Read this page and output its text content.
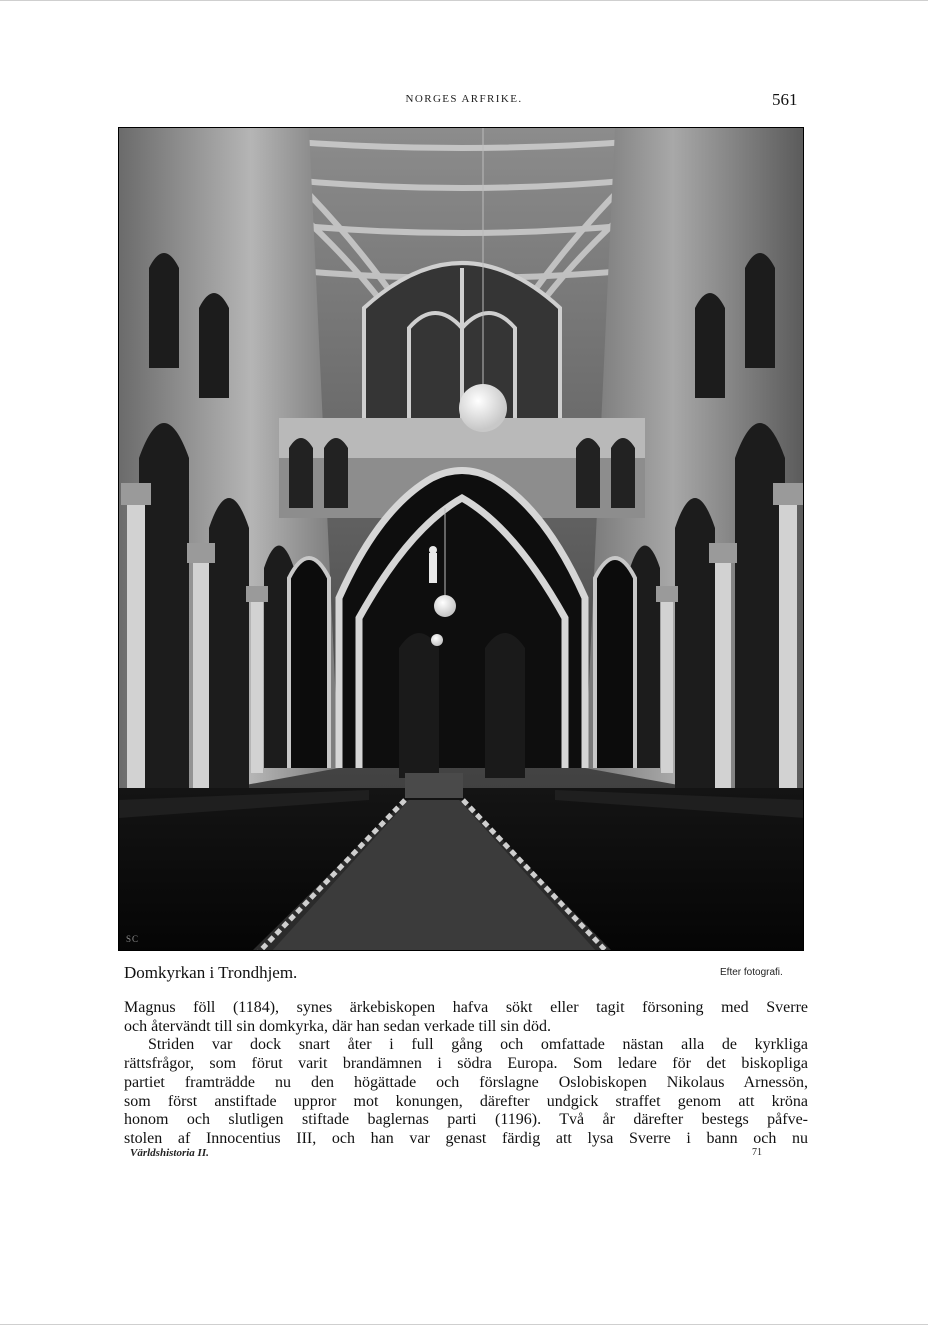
NORGES ARFRIKE.	561
SC
Domkyrkan i Trondhjem.	Efter fotografi.
Magnus föll (1184), synes ärkebiskopen hafva sökt eller tagit försoning med Sverre
och återvändt till sin domkyrka, där han sedan verkade till sin död.
Striden var dock snart åter i full gång och omfattade nästan alla de kyrkliga
rättsfrågor, som förut varit brandämnen i södra Europa. Som ledare för det biskopliga
partiet framträdde nu den högättade och förslagne Oslobiskopen Nikolaus Arnessön,
som först anstiftade uppror mot konungen, därefter undgick straffet genom att kröna
honom och slutligen stiftade baglernas parti (1196). Två år därefter bestegs påfve-
stolen af Innocentius III, och han var genast färdig att lysa Sverre i bann och nu
Världshistoria II.	71
